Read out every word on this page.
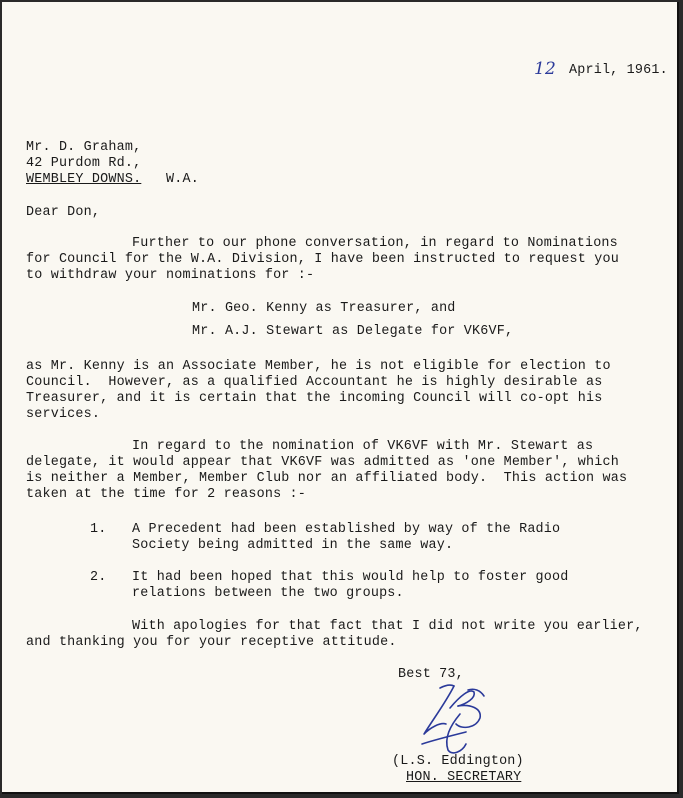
12 April, 1961.
Mr. D. Graham,
42 Purdom Rd.,
WEMBLEY DOWNS. W.A.
Dear Don,
Further to our phone conversation, in regard to Nominations
for Council for the W.A. Division, I have been instructed to request you
to withdraw your nominations for :-
Mr. Geo. Kenny as Treasurer, and
Mr. A.J. Stewart as Delegate for VK6VF,
as Mr. Kenny is an Associate Member, he is not eligible for election to
Council.  However, as a qualified Accountant he is highly desirable as
Treasurer, and it is certain that the incoming Council will co-opt his
services.
In regard to the nomination of VK6VF with Mr. Stewart as
delegate, it would appear that VK6VF was admitted as 'one Member', which
is neither a Member, Member Club nor an affiliated body.  This action was
taken at the time for 2 reasons :-
1. A Precedent had been established by way of the Radio
Society being admitted in the same way.
2. It had been hoped that this would help to foster good
relations between the two groups.
With apologies for that fact that I did not write you earlier,
and thanking you for your receptive attitude.
Best 73,
(L.S. Eddington)
HON. SECRETARY
